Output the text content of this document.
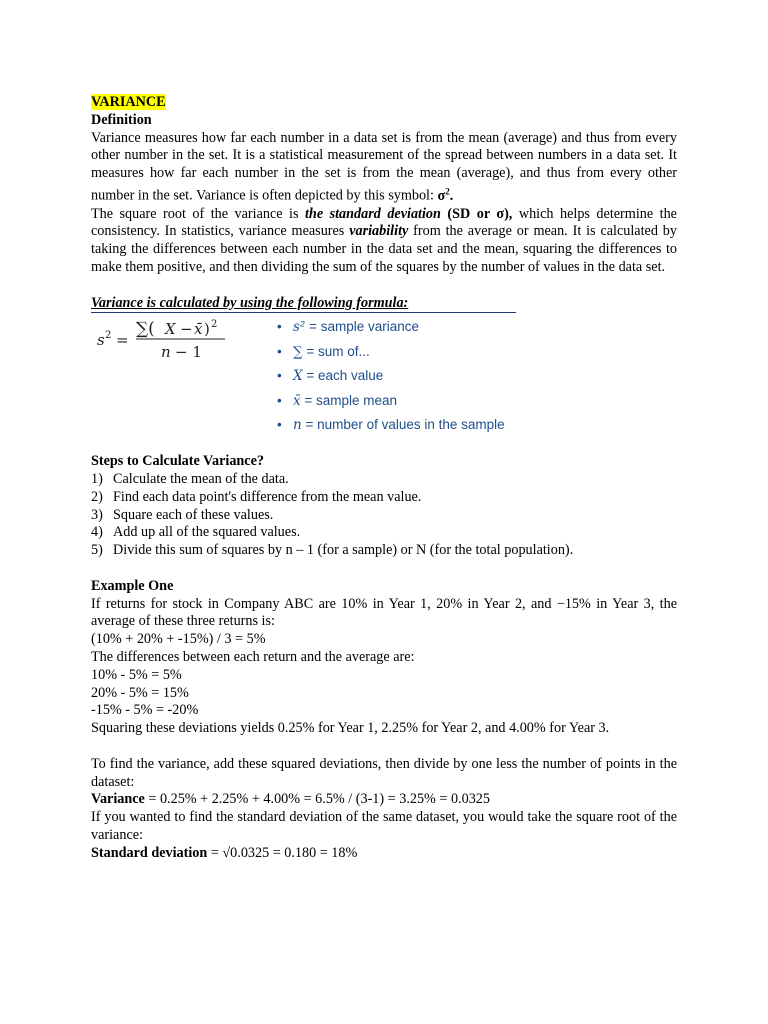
VARIANCE

Definition

Variance measures how far each number in a data set is from the mean (average) and thus from every other number in the set. It is a statistical measurement of the spread between numbers in a data set. It measures how far each number in the set is from the mean (average), and thus from every other number in the set. Variance is often depicted by this symbol: $\sigma^2$.

The square root of the variance is the standard deviation (SD or σ), which helps determine the consistency. In statistics, variance measures variability from the average or mean. It is calculated by taking the differences between each number in the data set and the mean, squaring the differences to make them positive, and then dividing the sum of the squares by the number of values in the data set.

Variance is calculated by using the following formula:

s 2 =
∑( X − x̄ ) 2
n − 1
• s² = sample variance
• ∑ = sum of...
• X = each value
• x̄ = sample mean
• n = number of values in the sample

Steps to Calculate Variance?

1) Calculate the mean of the data.
2) Find each data point's difference from the mean value.
3) Square each of these values.
4) Add up all of the squared values.
5) Divide this sum of squares by n – 1 (for a sample) or N (for the total population).

Example One

If returns for stock in Company ABC are 10% in Year 1, 20% in Year 2, and −15% in Year 3, the average of these three returns is:

(10% + 20% + -15%) / 3 = 5%

The differences between each return and the average are:

10% - 5% = 5%

20% - 5% = 15%

-15% - 5% = -20%

Squaring these deviations yields 0.25% for Year 1, 2.25% for Year 2, and 4.00% for Year 3.

To find the variance, add these squared deviations, then divide by one less the number of points in the dataset:

Variance = 0.25% + 2.25% + 4.00% = 6.5% / (3-1) = 3.25% = 0.0325

If you wanted to find the standard deviation of the same dataset, you would take the square root of the variance:

Standard deviation = √0.0325 = 0.180 = 18%
